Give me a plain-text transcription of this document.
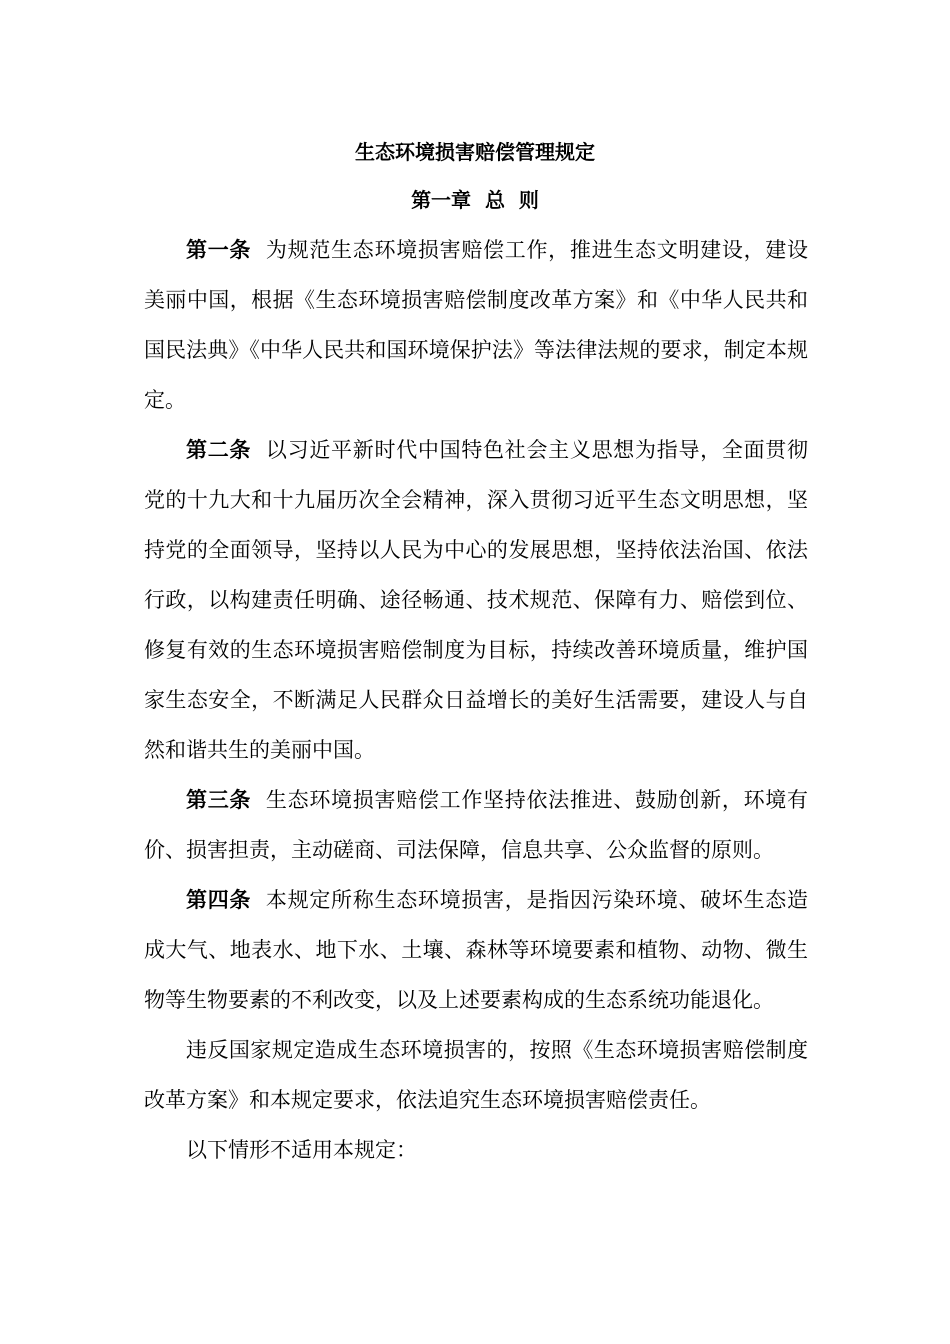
生态环境损害赔偿管理规定
第一章  总  则

第一条 为规范生态环境损害赔偿工作，推进生态文明建设，建设美丽中国，根据《生态环境损害赔偿制度改革方案》和《中华人民共和国民法典》《中华人民共和国环境保护法》等法律法规的要求，制定本规定。

第二条 以习近平新时代中国特色社会主义思想为指导，全面贯彻党的十九大和十九届历次全会精神，深入贯彻习近平生态文明思想，坚持党的全面领导，坚持以人民为中心的发展思想，坚持依法治国、依法行政，以构建责任明确、途径畅通、技术规范、保障有力、赔偿到位、修复有效的生态环境损害赔偿制度为目标，持续改善环境质量，维护国家生态安全，不断满足人民群众日益增长的美好生活需要，建设人与自然和谐共生的美丽中国。

第三条 生态环境损害赔偿工作坚持依法推进、鼓励创新，环境有价、损害担责，主动磋商、司法保障，信息共享、公众监督的原则。

第四条 本规定所称生态环境损害，是指因污染环境、破坏生态造成大气、地表水、地下水、土壤、森林等环境要素和植物、动物、微生物等生物要素的不利改变，以及上述要素构成的生态系统功能退化。

违反国家规定造成生态环境损害的，按照《生态环境损害赔偿制度改革方案》和本规定要求，依法追究生态环境损害赔偿责任。

以下情形不适用本规定：
